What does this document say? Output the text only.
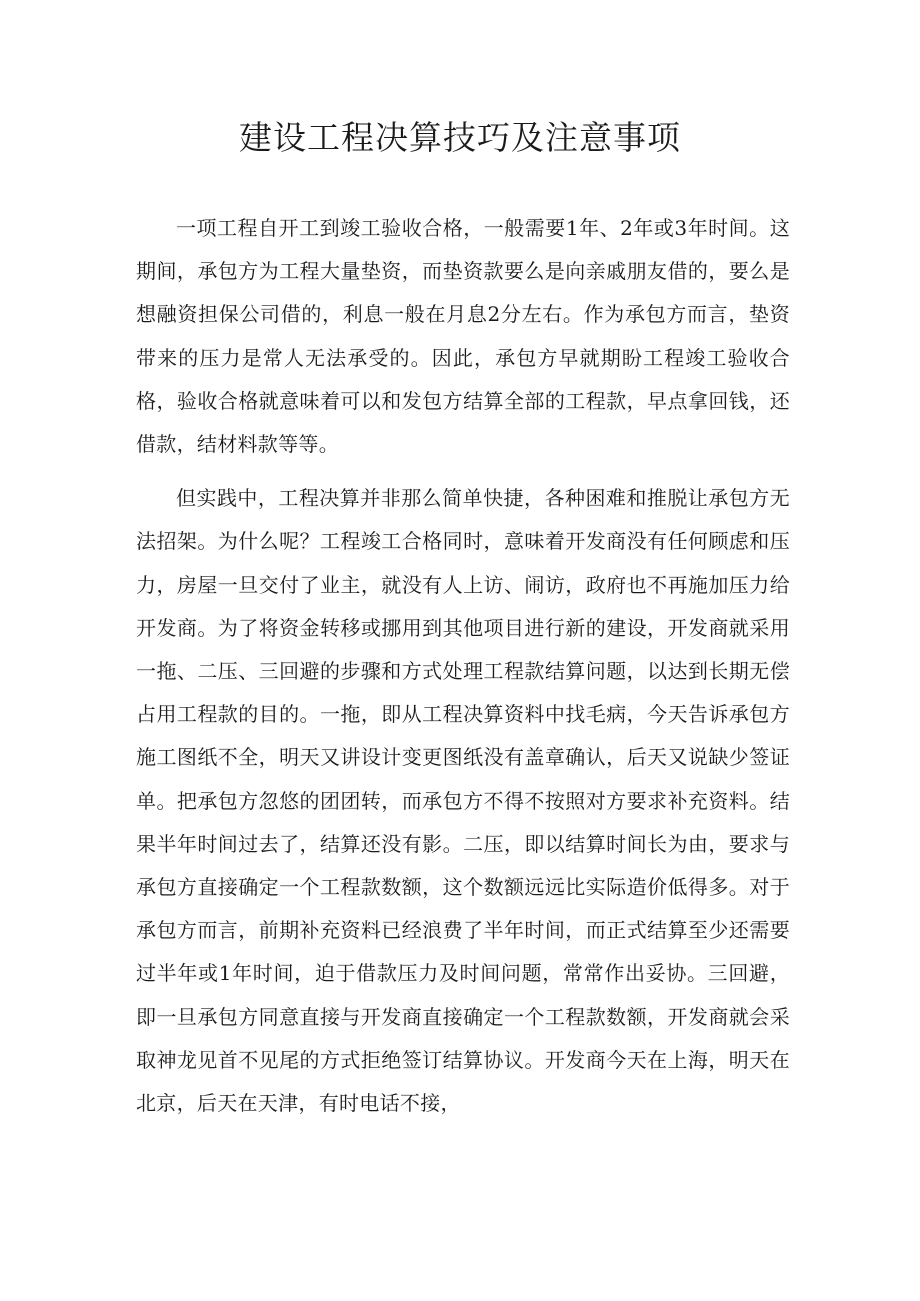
建设工程决算技巧及注意事项

一项工程自开工到竣工验收合格，一般需要1年、2年或3年时间。这期间，承包方为工程大量垫资，而垫资款要么是向亲戚朋友借的，要么是想融资担保公司借的，利息一般在月息2分左右。作为承包方而言，垫资带来的压力是常人无法承受的。因此，承包方早就期盼工程竣工验收合格，验收合格就意味着可以和发包方结算全部的工程款，早点拿回钱，还借款，结材料款等等。

但实践中，工程决算并非那么简单快捷，各种困难和推脱让承包方无法招架。为什么呢？工程竣工合格同时，意味着开发商没有任何顾虑和压力，房屋一旦交付了业主，就没有人上访、闹访，政府也不再施加压力给开发商。为了将资金转移或挪用到其他项目进行新的建设，开发商就采用一拖、二压、三回避的步骤和方式处理工程款结算问题，以达到长期无偿占用工程款的目的。一拖，即从工程决算资料中找毛病，今天告诉承包方施工图纸不全，明天又讲设计变更图纸没有盖章确认，后天又说缺少签证单。把承包方忽悠的团团转，而承包方不得不按照对方要求补充资料。结果半年时间过去了，结算还没有影。二压，即以结算时间长为由，要求与承包方直接确定一个工程款数额，这个数额远远比实际造价低得多。对于承包方而言，前期补充资料已经浪费了半年时间，而正式结算至少还需要过半年或1年时间，迫于借款压力及时间问题，常常作出妥协。三回避，即一旦承包方同意直接与开发商直接确定一个工程款数额，开发商就会采取神龙见首不见尾的方式拒绝签订结算协议。开发商今天在上海，明天在北京，后天在天津，有时电话不接，
